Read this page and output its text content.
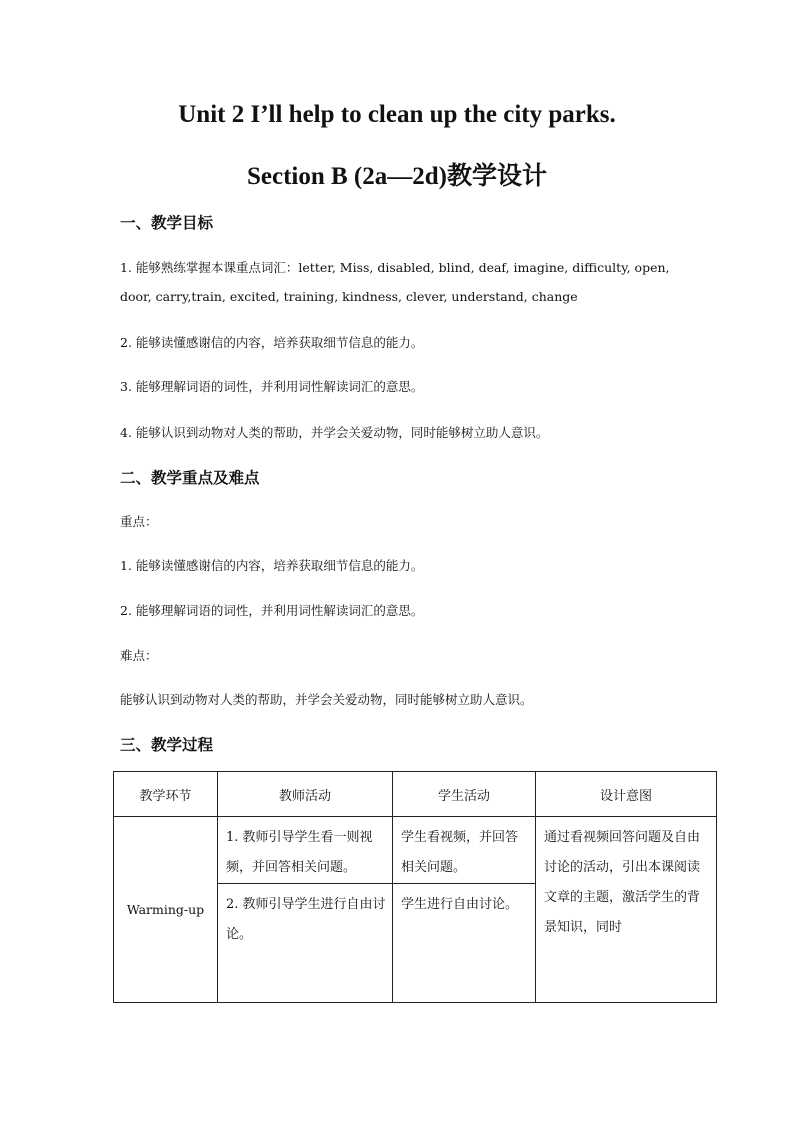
Unit 2 I’ll help to clean up the city parks.
Section B (2a—2d)教学设计
一、教学目标
1. 能够熟练掌握本课重点词汇：letter, Miss, disabled, blind, deaf, imagine, difficulty, open,
door, carry,train, excited, training, kindness, clever, understand, change
2. 能够读懂感谢信的内容，培养获取细节信息的能力。
3. 能够理解词语的词性，并利用词性解读词汇的意思。
4. 能够认识到动物对人类的帮助，并学会关爱动物，同时能够树立助人意识。
二、教学重点及难点
重点：
1. 能够读懂感谢信的内容，培养获取细节信息的能力。
2. 能够理解词语的词性，并利用词性解读词汇的意思。
难点：
能够认识到动物对人类的帮助，并学会关爱动物，同时能够树立助人意识。
三、教学过程
教学环节	教师活动	学生活动	设计意图
Warming-up	1. 教师引导学生看一则视频，并回答相关问题。	学生看视频，并回答相关问题。	通过看视频回答问题及自由讨论的活动，引出本课阅读文章的主题，激活学生的背景知识，同时

	2. 教师引导学生进行自由讨论。	学生进行自由讨论。	
